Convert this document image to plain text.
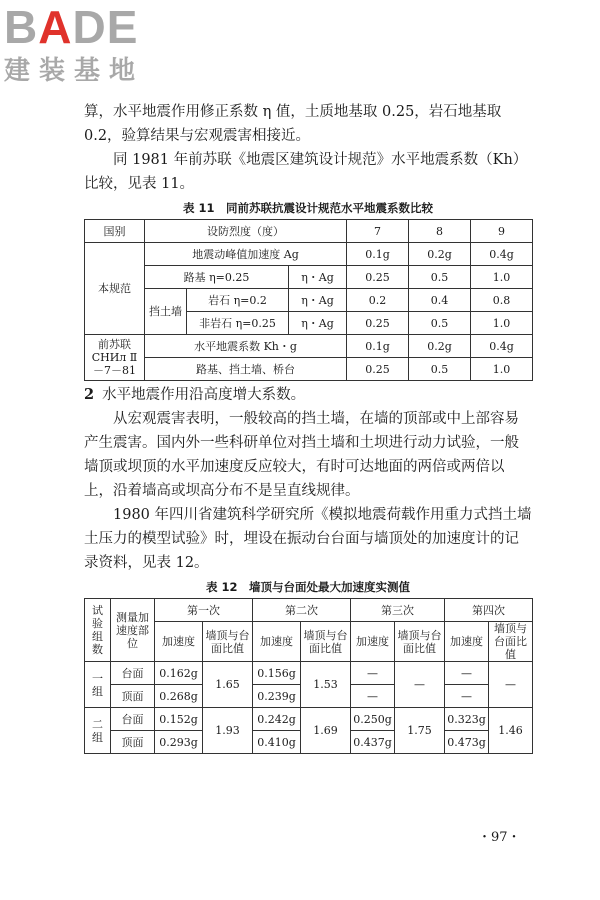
BADE
建装基地

算，水平地震作用修正系数 η 值，土质地基取 0.25，岩石地基取 0.2，验算结果与宏观震害相接近。

同 1981 年前苏联《地震区建筑设计规范》水平地震系数（Kh）比较，见表 11。

表 11　同前苏联抗震设计规范水平地震系数比较
国别	设防烈度（度）			7	8	9
本规范	地震动峰值加速度 Ag			0.1g	0.2g	0.4g
	路基 η=0.25		η・Ag	0.25	0.5	1.0
	挡土墙	岩石 η=0.2	η・Ag	0.2	0.4	0.8
		非岩石 η=0.25	η・Ag	0.25	0.5	1.0
前苏联 СНИл Ⅱ－7－81	水平地震系数 Kh・g			0.1g	0.2g	0.4g
	路基、挡土墙、桥台			0.25	0.5	1.0
2 水平地震作用沿高度增大系数。

从宏观震害表明，一般较高的挡土墙，在墙的顶部或中上部容易产生震害。国内外一些科研单位对挡土墙和土坝进行动力试验，一般墙顶或坝顶的水平加速度反应较大，有时可达地面的两倍或两倍以上，沿着墙高或坝高分布不是呈直线规律。

1980 年四川省建筑科学研究所《模拟地震荷载作用重力式挡土墙土压力的模型试验》时，埋设在振动台台面与墙顶处的加速度计的记录资料，见表 12。

表 12　墙顶与台面处最大加速度实测值
试验组数	测量加速度部位	第一次		第二次		第三次		第四次	
		加速度	墙顶与台面比值	加速度	墙顶与台面比值	加速度	墙顶与台面比值	加速度	墙顶与台面比值
一组	台面	0.162g	1.65	0.156g	1.53	—	—	—	—
	顶面	0.268g		0.239g		—		—	
二组	台面	0.152g	1.93	0.242g	1.69	0.250g	1.75	0.323g	1.46
	顶面	0.293g		0.410g		0.437g		0.473g	
・97・
